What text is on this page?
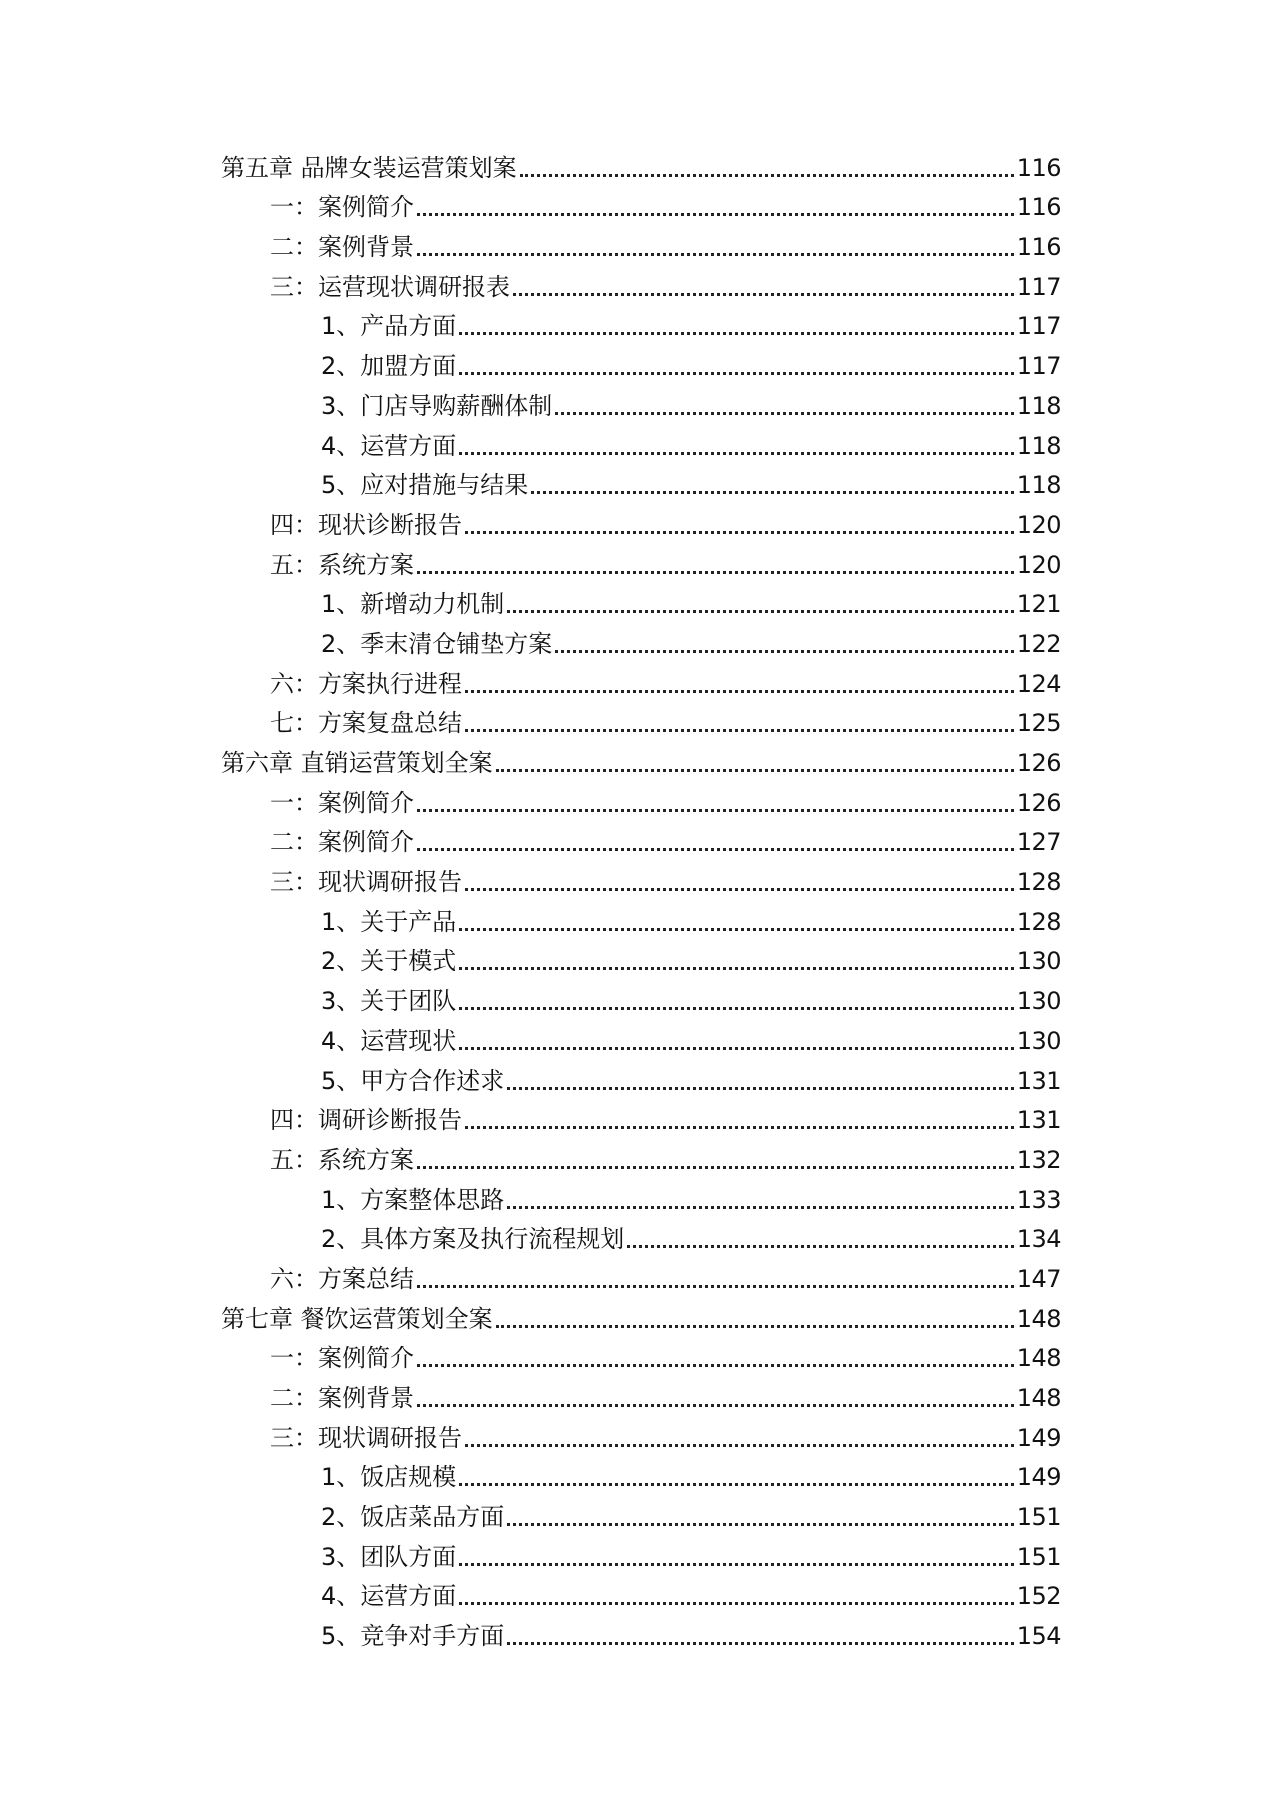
第五章 品牌女装运营策划案	116
一：案例简介	116
二：案例背景	116
三：运营现状调研报表	117
1、产品方面	117
2、加盟方面	117
3、门店导购薪酬体制	118
4、运营方面	118
5、应对措施与结果	118
四：现状诊断报告	120
五：系统方案	120
1、新增动力机制	121
2、季末清仓铺垫方案	122
六：方案执行进程	124
七：方案复盘总结	125
第六章 直销运营策划全案	126
一：案例简介	126
二：案例简介	127
三：现状调研报告	128
1、关于产品	128
2、关于模式	130
3、关于团队	130
4、运营现状	130
5、甲方合作述求	131
四：调研诊断报告	131
五：系统方案	132
1、方案整体思路	133
2、具体方案及执行流程规划	134
六：方案总结	147
第七章 餐饮运营策划全案	148
一：案例简介	148
二：案例背景	148
三：现状调研报告	149
1、饭店规模	149
2、饭店菜品方面	151
3、团队方面	151
4、运营方面	152
5、竞争对手方面	154
